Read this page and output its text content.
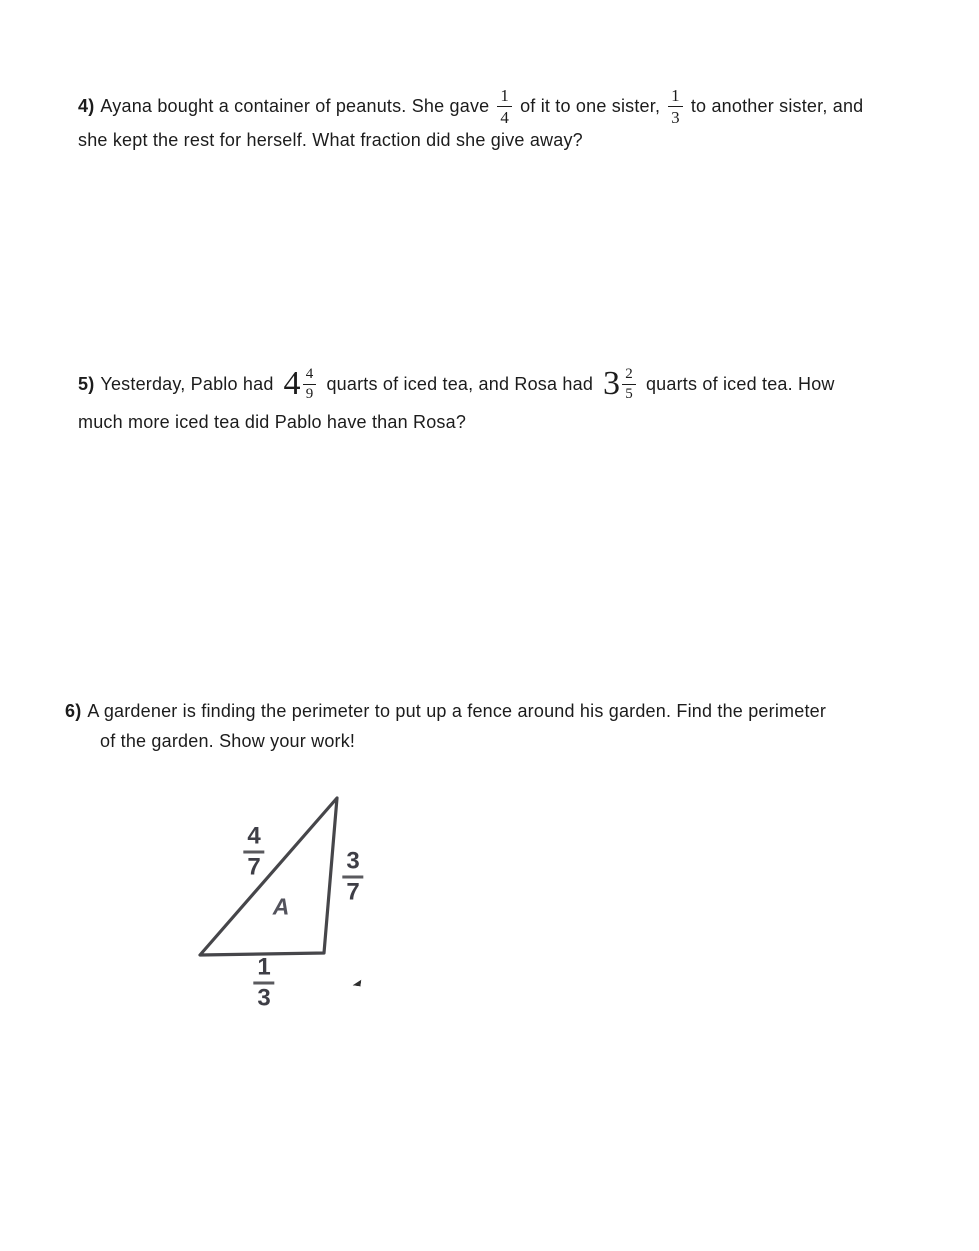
4) Ayana bought a container of peanuts. She gave $\frac{1}{4}$ of it to one sister, $\frac{1}{3}$ to another sister, and
she kept the rest for herself. What fraction did she give away?
5) Yesterday, Pablo had $4 \frac{4}{9}$ quarts of iced tea, and Rosa had $3 \frac{2}{5}$ quarts of iced tea. How
much more iced tea did Pablo have than Rosa?
6) A gardener is finding the perimeter to put up a fence around his garden. Find the perimeter
of the garden. Show your work!
$\frac{4}{7}$	$\frac{3}{7}$
$\frac{1}{3}$
A
